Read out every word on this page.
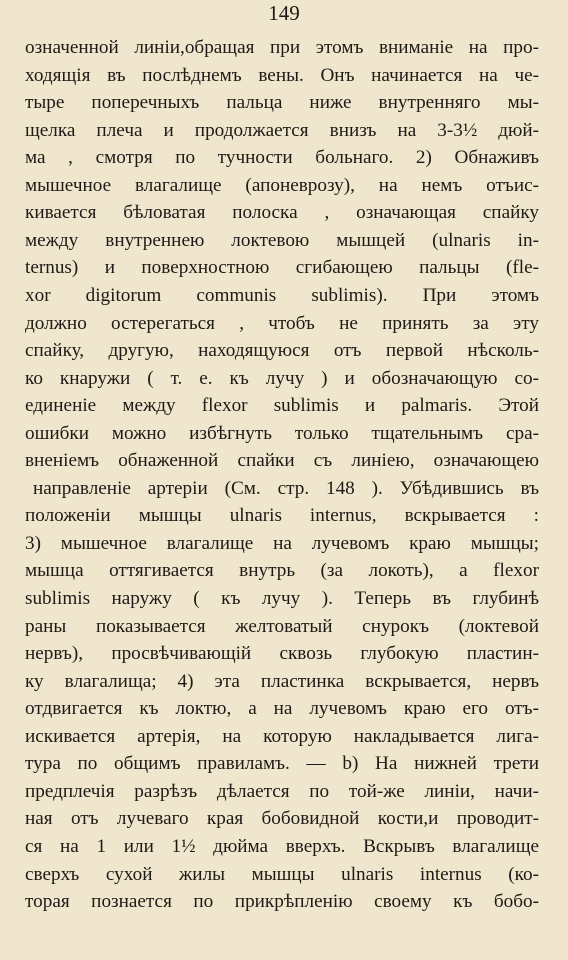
149
означенной линіи,обращая при этомъ вниманіе на про-
ходящія въ послѣднемъ вены. Онъ начинается на че-
тыре поперечныхъ пальца ниже внутренняго мы-
щелка плеча и продолжается внизъ на 3-3½ дюй-
ма , смотря по тучности больнаго. 2) Обнаживъ
мышечное влагалище (апоневрозу), на немъ отъис-
кивается бѣловатая полоска , означающая спайку
между внутреннею локтевою мышцей (ulnaris in-
ternus) и поверхностною сгибающею пальцы (fle-
xor digitorum communis sublimis). При этомъ
должно остерегаться , чтобъ не принять за эту
спайку, другую, находящуюся отъ первой нѣсколь-
ко кнаружи ( т. е. къ лучу ) и обозначающую со-
единеніе между flexor sublimis и palmaris. Этой
ошибки можно избѣгнуть только тщательнымъ сра-
вненіемъ обнаженной спайки съ линіею, означающею
направленіе артеріи (См. стр. 148 ). Убѣдившись въ
положеніи мышцы ulnaris internus, вскрывается :
3) мышечное влагалище на лучевомъ краю мышцы;
мышца оттягивается внутрь (за локоть), а flexor
sublimis наружу ( къ лучу ). Теперь въ глубинѣ
раны показывается желтоватый снурокъ (локтевой
нервъ), просвѣчивающій сквозь глубокую пластин-
ку влагалища; 4) эта пластинка вскрывается, нервъ
отдвигается къ локтю, а на лучевомъ краю его отъ-
искивается артерія, на которую накладывается лига-
тура по общимъ правиламъ. — b) На нижней трети
предплечія разрѣзъ дѣлается по той-же линіи, начи-
ная отъ лучеваго края бобовидной кости,и проводит-
ся на 1 или 1½ дюйма вверхъ. Вскрывъ влагалище
сверхъ сухой жилы мышцы ulnaris internus (ко-
торая познается по прикрѣпленію своему къ бобо-
